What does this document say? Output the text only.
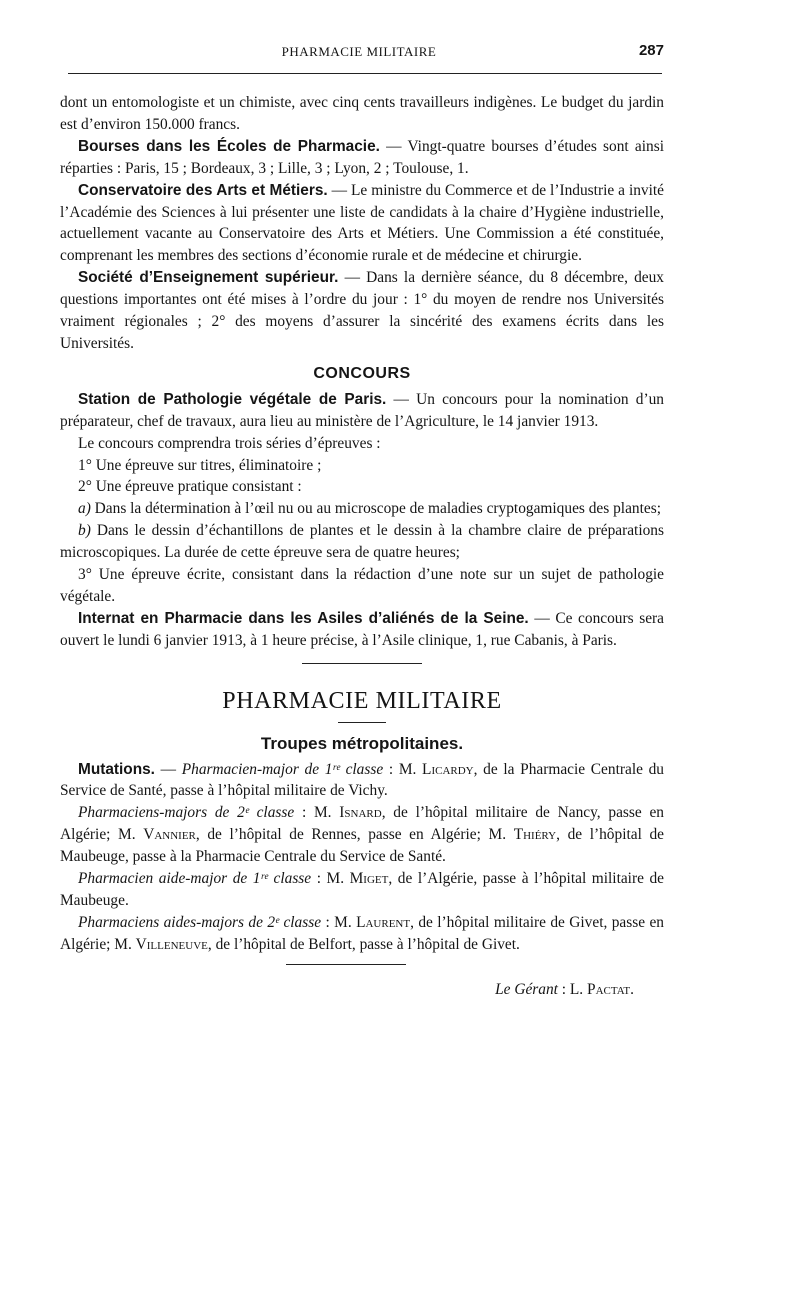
PHARMACIE MILITAIRE	287

dont un entomologiste et un chimiste, avec cinq cents travailleurs indigènes. Le budget du jardin est d’environ 150.000 francs.

Bourses dans les Écoles de Pharmacie. — Vingt-quatre bourses d’études sont ainsi réparties : Paris, 15 ; Bordeaux, 3 ; Lille, 3 ; Lyon, 2 ; Toulouse, 1.

Conservatoire des Arts et Métiers. — Le ministre du Commerce et de l’Industrie a invité l’Académie des Sciences à lui présenter une liste de candidats à la chaire d’Hygiène industrielle, actuellement vacante au Conservatoire des Arts et Métiers. Une Commission a été constituée, comprenant les membres des sections d’économie rurale et de médecine et chirurgie.

Société d’Enseignement supérieur. — Dans la dernière séance, du 8 décembre, deux questions importantes ont été mises à l’ordre du jour : 1° du moyen de rendre nos Universités vraiment régionales ; 2° des moyens d’assurer la sincérité des examens écrits dans les Universités.

CONCOURS

Station de Pathologie végétale de Paris. — Un concours pour la nomination d’un préparateur, chef de travaux, aura lieu au ministère de l’Agriculture, le 14 janvier 1913.

Le concours comprendra trois séries d’épreuves :

1° Une épreuve sur titres, éliminatoire ;

2° Une épreuve pratique consistant :

a) Dans la détermination à l’œil nu ou au microscope de maladies cryptogamiques des plantes;

b) Dans le dessin d’échantillons de plantes et le dessin à la chambre claire de préparations microscopiques. La durée de cette épreuve sera de quatre heures;

3° Une épreuve écrite, consistant dans la rédaction d’une note sur un sujet de pathologie végétale.

Internat en Pharmacie dans les Asiles d’aliénés de la Seine. — Ce concours sera ouvert le lundi 6 janvier 1913, à 1 heure précise, à l’Asile clinique, 1, rue Cabanis, à Paris.

PHARMACIE MILITAIRE
Troupes métropolitaines.

Mutations. — Pharmacien-major de 1ʳᵉ classe : M. Licardy, de la Pharmacie Centrale du Service de Santé, passe à l’hôpital militaire de Vichy.

Pharmaciens-majors de 2ᵉ classe : M. Isnard, de l’hôpital militaire de Nancy, passe en Algérie; M. Vannier, de l’hôpital de Rennes, passe en Algérie; M. Thiéry, de l’hôpital de Maubeuge, passe à la Pharmacie Centrale du Service de Santé.

Pharmacien aide-major de 1ʳᵉ classe : M. Miget, de l’Algérie, passe à l’hôpital militaire de Maubeuge.

Pharmaciens aides-majors de 2ᵉ classe : M. Laurent, de l’hôpital militaire de Givet, passe en Algérie; M. Villeneuve, de l’hôpital de Belfort, passe à l’hôpital de Givet.

Le Gérant : L. Pactat.
